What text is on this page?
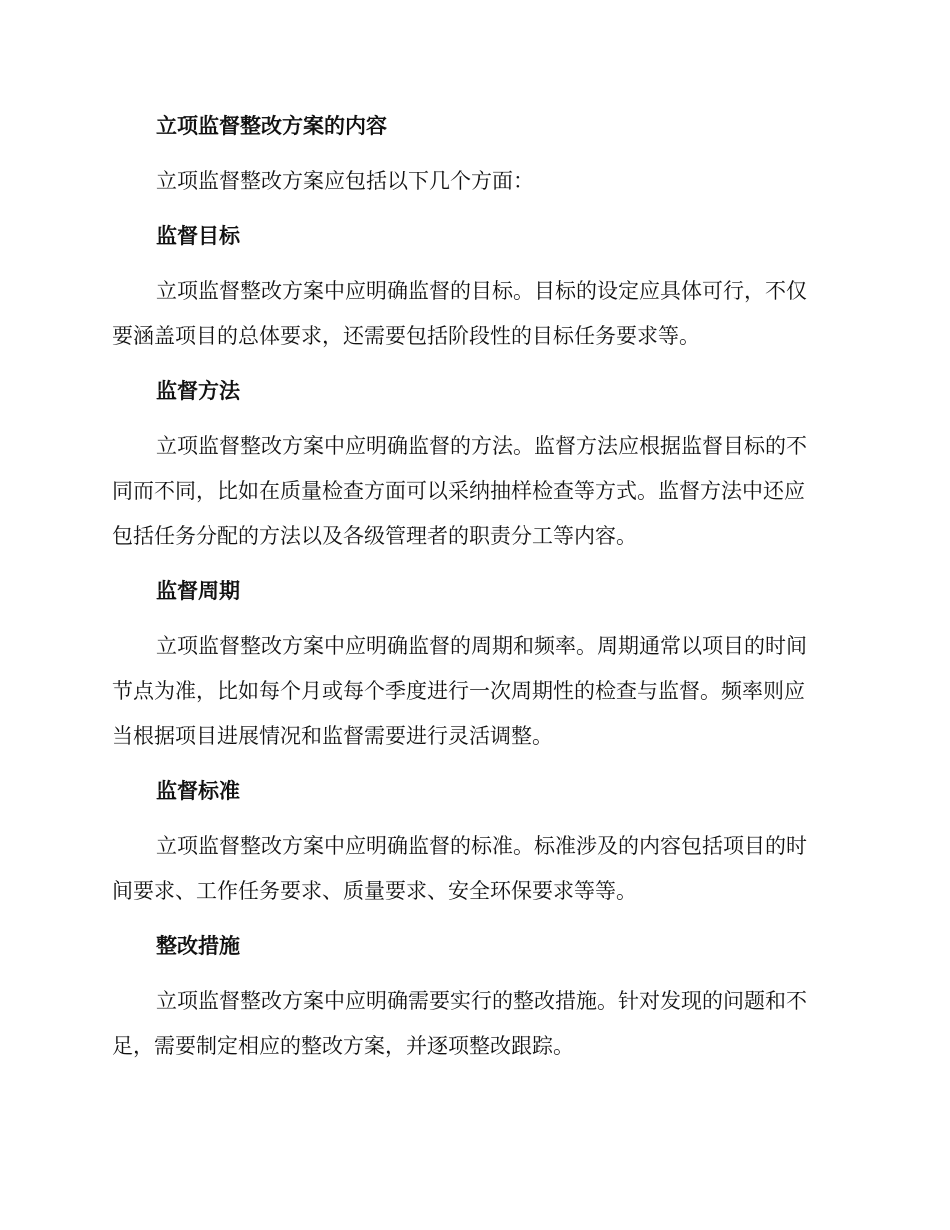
立项监督整改方案的内容

立项监督整改方案应包括以下几个方面：

监督目标

立项监督整改方案中应明确监督的目标。目标的设定应具体可行，不仅

要涵盖项目的总体要求，还需要包括阶段性的目标任务要求等。

监督方法

立项监督整改方案中应明确监督的方法。监督方法应根据监督目标的不

同而不同，比如在质量检查方面可以采纳抽样检查等方式。监督方法中还应

包括任务分配的方法以及各级管理者的职责分工等内容。

监督周期

立项监督整改方案中应明确监督的周期和频率。周期通常以项目的时间

节点为准，比如每个月或每个季度进行一次周期性的检查与监督。频率则应

当根据项目进展情况和监督需要进行灵活调整。

监督标准

立项监督整改方案中应明确监督的标准。标准涉及的内容包括项目的时

间要求、工作任务要求、质量要求、安全环保要求等等。

整改措施

立项监督整改方案中应明确需要实行的整改措施。针对发现的问题和不

足，需要制定相应的整改方案，并逐项整改跟踪。
